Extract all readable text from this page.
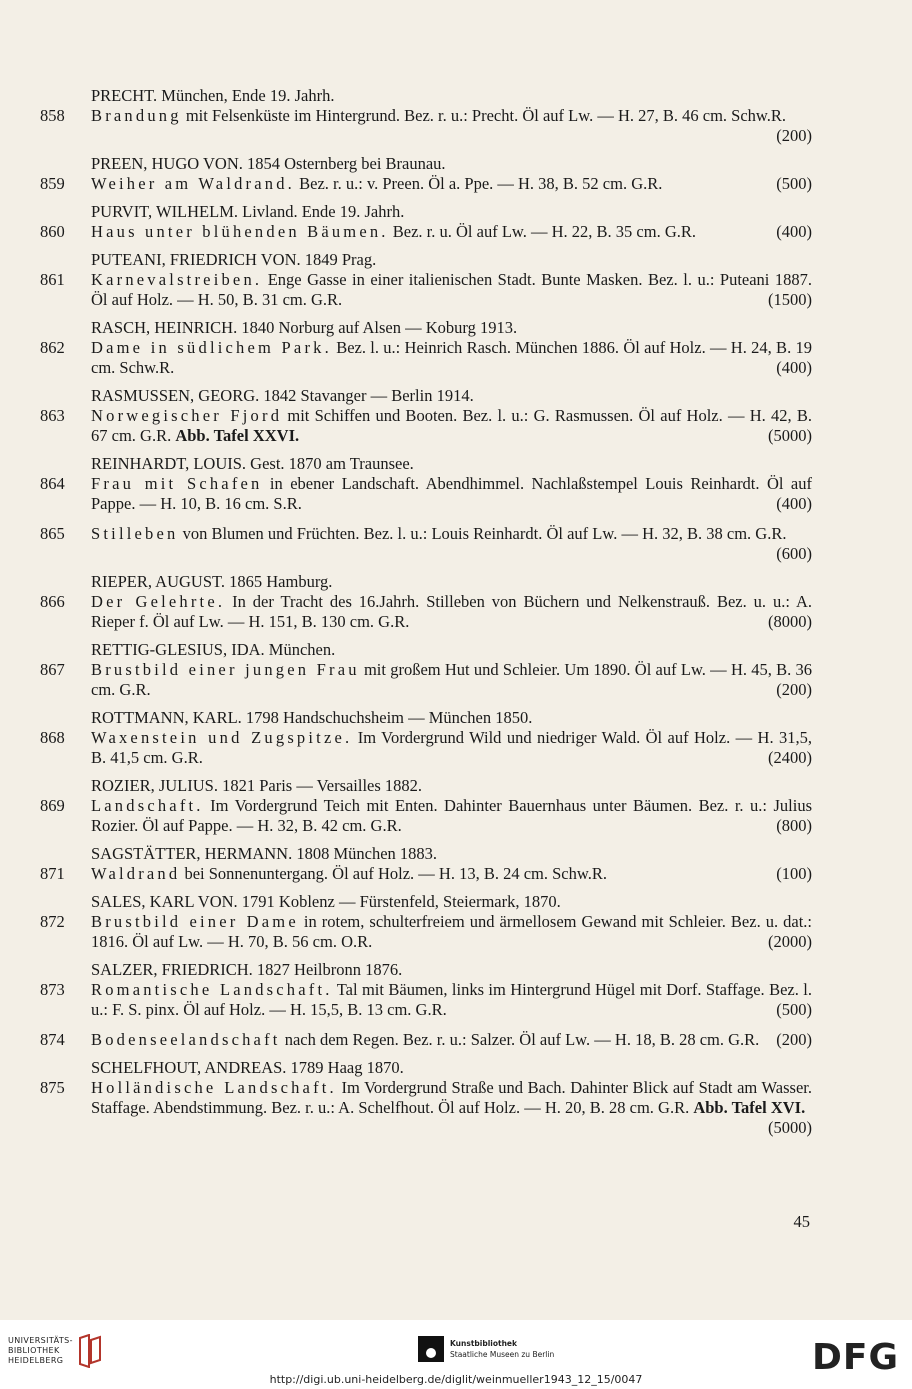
PRECHT. München, Ende 19. Jahrh.
858	Brandung mit Felsenküste im Hintergrund. Bez. r. u.: Precht. Öl auf Lw. — H. 27, B. 46 cm. Schw.R.
(200)
PREEN, HUGO VON. 1854 Osternberg bei Braunau.
859	Weiher am Waldrand. Bez. r. u.: v. Preen. Öl a. Ppe. — H. 38, B. 52 cm. G.R.	(500)
PURVIT, WILHELM. Livland. Ende 19. Jahrh.
860	Haus unter blühenden Bäumen. Bez. r. u. Öl auf Lw. — H. 22, B. 35 cm. G.R.	(400)
PUTEANI, FRIEDRICH VON. 1849 Prag.
861	Karnevalstreiben. Enge Gasse in einer italienischen Stadt. Bunte Masken. Bez. l. u.: Puteani 1887. Öl auf Holz. — H. 50, B. 31 cm. G.R.	(1500)
RASCH, HEINRICH. 1840 Norburg auf Alsen — Koburg 1913.
862	Dame in südlichem Park. Bez. l. u.: Heinrich Rasch. München 1886. Öl auf Holz. — H. 24, B. 19 cm. Schw.R.	(400)
RASMUSSEN, GEORG. 1842 Stavanger — Berlin 1914.
863	Norwegischer Fjord mit Schiffen und Booten. Bez. l. u.: G. Rasmussen. Öl auf Holz. — H. 42, B. 67 cm. G.R. Abb. Tafel XXVI.	(5000)
REINHARDT, LOUIS. Gest. 1870 am Traunsee.
864	Frau mit Schafen in ebener Landschaft. Abendhimmel. Nachlaßstempel Louis Reinhardt. Öl auf Pappe. — H. 10, B. 16 cm. S.R.	(400)
865	Stilleben von Blumen und Früchten. Bez. l. u.: Louis Reinhardt. Öl auf Lw. — H. 32, B. 38 cm. G.R.
(600)
RIEPER, AUGUST. 1865 Hamburg.
866	Der Gelehrte. In der Tracht des 16.Jahrh. Stilleben von Büchern und Nelkenstrauß. Bez. u. u.: A. Rieper f. Öl auf Lw. — H. 151, B. 130 cm. G.R.	(8000)
RETTIG-GLESIUS, IDA. München.
867	Brustbild einer jungen Frau mit großem Hut und Schleier. Um 1890. Öl auf Lw. — H. 45, B. 36 cm. G.R.	(200)
ROTTMANN, KARL. 1798 Handschuchsheim — München 1850.
868	Waxenstein und Zugspitze. Im Vordergrund Wild und niedriger Wald. Öl auf Holz. — H. 31,5, B. 41,5 cm. G.R.	(2400)
ROZIER, JULIUS. 1821 Paris — Versailles 1882.
869	Landschaft. Im Vordergrund Teich mit Enten. Dahinter Bauernhaus unter Bäumen. Bez. r. u.: Julius Rozier. Öl auf Pappe. — H. 32, B. 42 cm. G.R.	(800)
SAGSTÄTTER, HERMANN. 1808 München 1883.
871	Waldrand bei Sonnenuntergang. Öl auf Holz. — H. 13, B. 24 cm. Schw.R.	(100)
SALES, KARL VON. 1791 Koblenz — Fürstenfeld, Steiermark, 1870.
872	Brustbild einer Dame in rotem, schulterfreiem und ärmellosem Gewand mit Schleier. Bez. u. dat.: 1816. Öl auf Lw. — H. 70, B. 56 cm. O.R.	(2000)
SALZER, FRIEDRICH. 1827 Heilbronn 1876.
873	Romantische Landschaft. Tal mit Bäumen, links im Hintergrund Hügel mit Dorf. Staffage. Bez. l. u.: F. S. pinx. Öl auf Holz. — H. 15,5, B. 13 cm. G.R.	(500)
874	Bodenseelandschaft nach dem Regen. Bez. r. u.: Salzer. Öl auf Lw. — H. 18, B. 28 cm. G.R. (200)
SCHELFHOUT, ANDREAS. 1789 Haag 1870.
875	Holländische Landschaft. Im Vordergrund Straße und Bach. Dahinter Blick auf Stadt am Wasser. Staffage. Abendstimmung. Bez. r. u.: A. Schelfhout. Öl auf Holz. — H. 20, B. 28 cm. G.R. Abb. Tafel XVI.
(5000)
45
UNIVERSITÄTS-
BIBLIOTHEK
HEIDELBERG
Kunstbibliothek
Staatliche Museen zu Berlin	DFG
http://digi.ub.uni-heidelberg.de/diglit/weinmueller1943_12_15/0047
